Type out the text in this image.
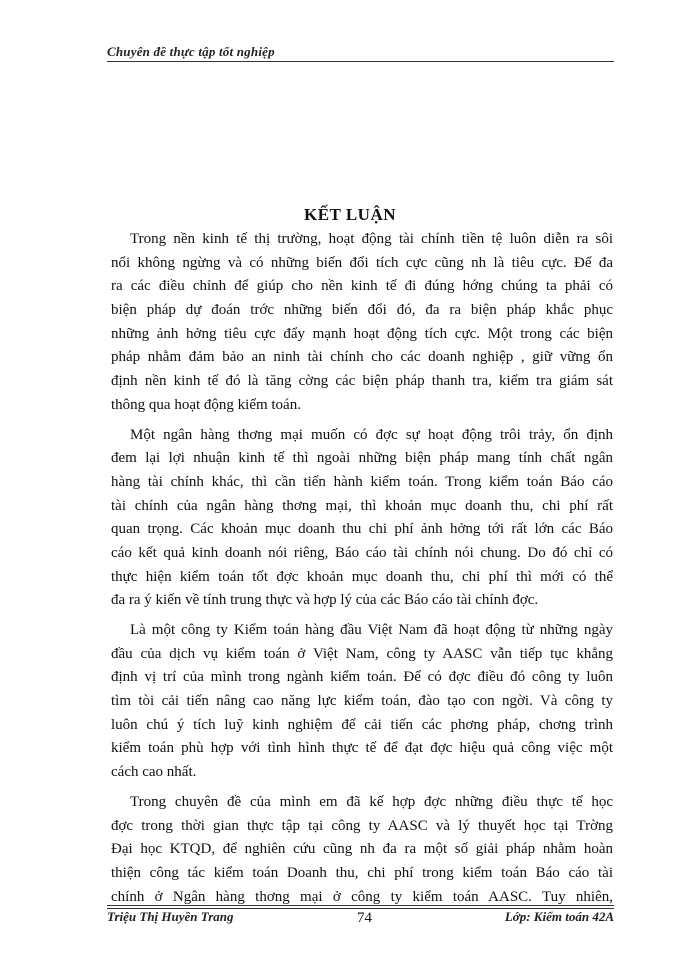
Chuyên đề thực tập tốt nghiệp
KẾT LUẬN
Trong nền kinh tế thị trường, hoạt động tài chính tiền tệ luôn diễn ra sôi
nổi không ngừng và có những biến đổi tích cực cũng nh là tiêu cực. Để đa
ra các điều chỉnh để giúp cho nền kinh tế đi đúng hớng chúng ta phải có
biện pháp dự đoán trớc những biến đổi đó, đa ra biện pháp khắc phục
những ảnh hởng tiêu cực đẩy mạnh hoạt động tích cực. Một trong các biện
pháp nhằm đảm bảo an ninh tài chính cho các doanh nghiệp , giữ vững ổn
định nền kinh tế đó là tăng cờng các biện pháp thanh tra, kiểm tra giám sát
thông qua hoạt động kiểm toán.
Một ngân hàng thơng mại muốn có đợc sự hoạt động trôi trảy, ổn định
đem lại lợi nhuận kinh tế thì ngoài những biện pháp mang tính chất ngân
hàng tài chính khác, thì cần tiến hành kiểm toán. Trong kiểm toán Báo cáo
tài chính của ngân hàng thơng mại, thì khoản mục doanh thu, chi phí rất
quan trọng. Các khoản mục doanh thu chi phí ảnh hởng tới rất lớn các Báo
cáo kết quả kinh doanh nói riêng, Báo cáo tài chính nói chung. Do đó chỉ có
thực hiện kiểm toán tốt đợc khoản mục doanh thu, chi phí thì mới có thể
đa ra ý kiến về tính trung thực và hợp lý của các Báo cáo tài chính đợc.
Là một công ty Kiểm toán hàng đầu Việt Nam đã hoạt động từ những ngày
đầu của dịch vụ kiểm toán ở Việt Nam, công ty AASC vẫn tiếp tục khẳng
định vị trí của mình trong ngành kiểm toán. Để có đợc điều đó công ty luôn
tìm tòi cải tiến nâng cao năng lực kiểm toán, đào tạo con ngời. Và công ty
luôn chú ý tích luỹ kinh nghiệm để cải tiến các phơng pháp, chơng trình
kiểm toán phù hợp với tình hình thực tế để đạt đợc hiệu quả công việc một
cách cao nhất.
Trong chuyên đề của mình em đã kế hợp đợc những điều thực tế học
đợc trong thời gian thực tập tại công ty AASC và lý thuyết học tại Trờng
Đại học KTQD, để nghiên cứu cũng nh đa ra một số giải pháp nhằm hoàn
thiện công tác kiểm toán Doanh thu, chi phí trong kiểm toán Báo cáo tài
chính ở Ngân hàng thơng mại ở công ty kiểm toán AASC. Tuy nhiên,
Triệu Thị Huyền Trang	74	Lớp: Kiểm toán 42A
